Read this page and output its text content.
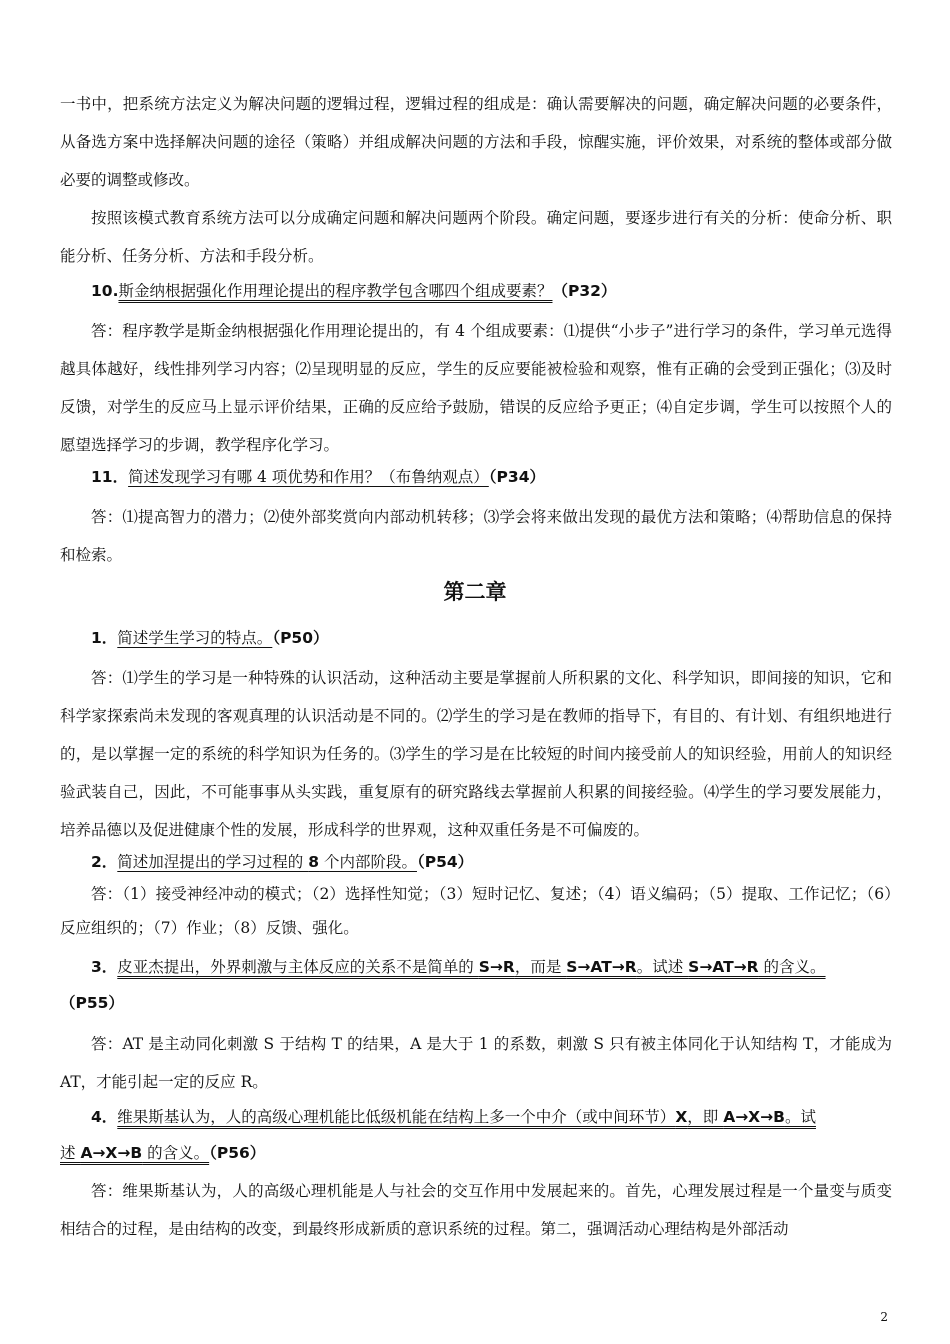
一书中，把系统方法定义为解决问题的逻辑过程，逻辑过程的组成是：确认需要解决的问题，确定解决问题的必要条件，从备选方案中选择解决问题的途径（策略）并组成解决问题的方法和手段，惊醒实施，评价效果，对系统的整体或部分做必要的调整或修改。
按照该模式教育系统方法可以分成确定问题和解决问题两个阶段。确定问题，要逐步进行有关的分析：使命分析、职能分析、任务分析、方法和手段分析。
10.斯金纳根据强化作用理论提出的程序教学包含哪四个组成要素？（P32）
答：程序教学是斯金纳根据强化作用理论提出的，有 4 个组成要素：⑴提供“小步子”进行学习的条件，学习单元选得越具体越好，线性排列学习内容；⑵呈现明显的反应，学生的反应要能被检验和观察，惟有正确的会受到正强化；⑶及时反馈，对学生的反应马上显示评价结果，正确的反应给予鼓励，错误的反应给予更正；⑷自定步调，学生可以按照个人的愿望选择学习的步调，教学程序化学习。
11．简述发现学习有哪 4 项优势和作用？（布鲁纳观点）（P34）
答：⑴提高智力的潜力；⑵使外部奖赏向内部动机转移；⑶学会将来做出发现的最优方法和策略；⑷帮助信息的保持和检索。
第二章
1．简述学生学习的特点。（P50）
答：⑴学生的学习是一种特殊的认识活动，这种活动主要是掌握前人所积累的文化、科学知识，即间接的知识，它和科学家探索尚未发现的客观真理的认识活动是不同的。⑵学生的学习是在教师的指导下，有目的、有计划、有组织地进行的，是以掌握一定的系统的科学知识为任务的。⑶学生的学习是在比较短的时间内接受前人的知识经验，用前人的知识经验武装自己，因此，不可能事事从头实践，重复原有的研究路线去掌握前人积累的间接经验。⑷学生的学习要发展能力，培养品德以及促进健康个性的发展，形成科学的世界观，这种双重任务是不可偏废的。
2．简述加涅提出的学习过程的 8 个内部阶段。（P54）
答：（1）接受神经冲动的模式；（2）选择性知觉；（3）短时记忆、复述；（4）语义编码；（5）提取、工作记忆；（6）反应组织的；（7）作业；（8）反馈、强化。
3．皮亚杰提出，外界刺激与主体反应的关系不是简单的 S→R，而是 S→AT→R。试述 S→AT→R 的含义。
（P55）
答：AT 是主动同化刺激 S 于结构 T 的结果，A 是大于 1 的系数，刺激 S 只有被主体同化于认知结构 T，才能成为 AT，才能引起一定的反应 R。
4．维果斯基认为，人的高级心理机能比低级机能在结构上多一个中介（或中间环节）X，即 A→X→B。试
述 A→X→B 的含义。（P56）
答：维果斯基认为，人的高级心理机能是人与社会的交互作用中发展起来的。首先，心理发展过程是一个量变与质变相结合的过程，是由结构的改变，到最终形成新质的意识系统的过程。第二，强调活动心理结构是外部活动
2
